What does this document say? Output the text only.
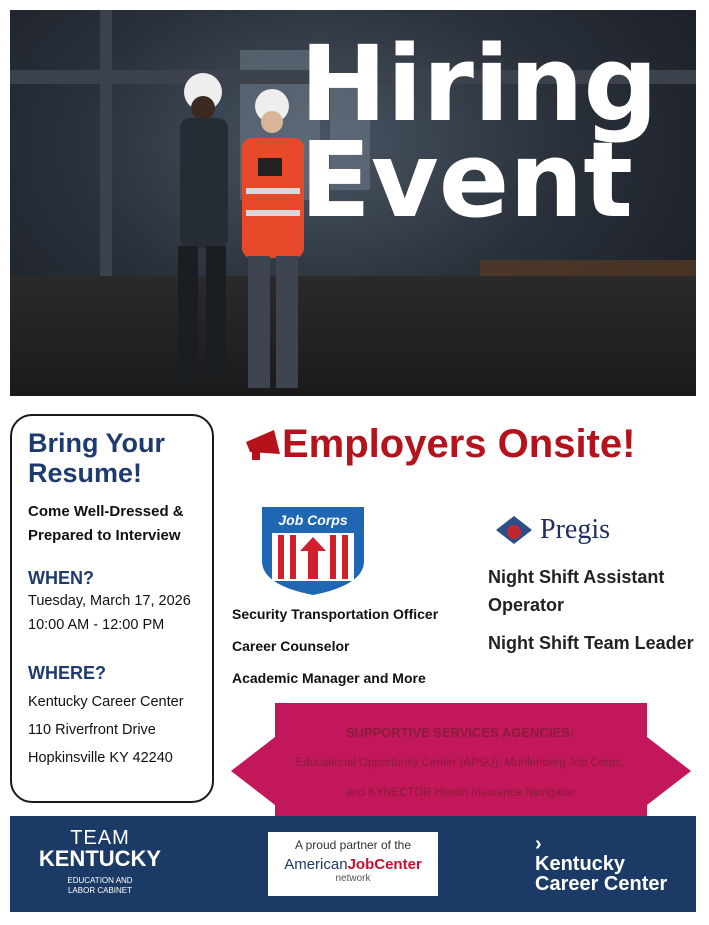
Hiring
Event
Bring Your Resume!
Come Well-Dressed &
Prepared to Interview
WHEN?
Tuesday, March 17, 2026
10:00 AM - 12:00 PM
WHERE?
Kentucky Career Center
110 Riverfront Drive
Hopkinsville KY 42240
Employers Onsite!
Job Corps
Security Transportation Officer
Career Counselor
Academic Manager and More
Pregis
Night Shift Assistant
Operator
Night Shift Team Leader
SUPPORTIVE SERVICES AGENCIES:
Educational Opportunity Center (APSU), Muhlenberg Job Corps,
and KYNECTOR Health Insurance Navigator
TEAM
KENTUCKY
EDUCATION AND
LABOR CABINET
A proud partner of the
AmericanJobCenter
network
›
Kentucky
Career Center
